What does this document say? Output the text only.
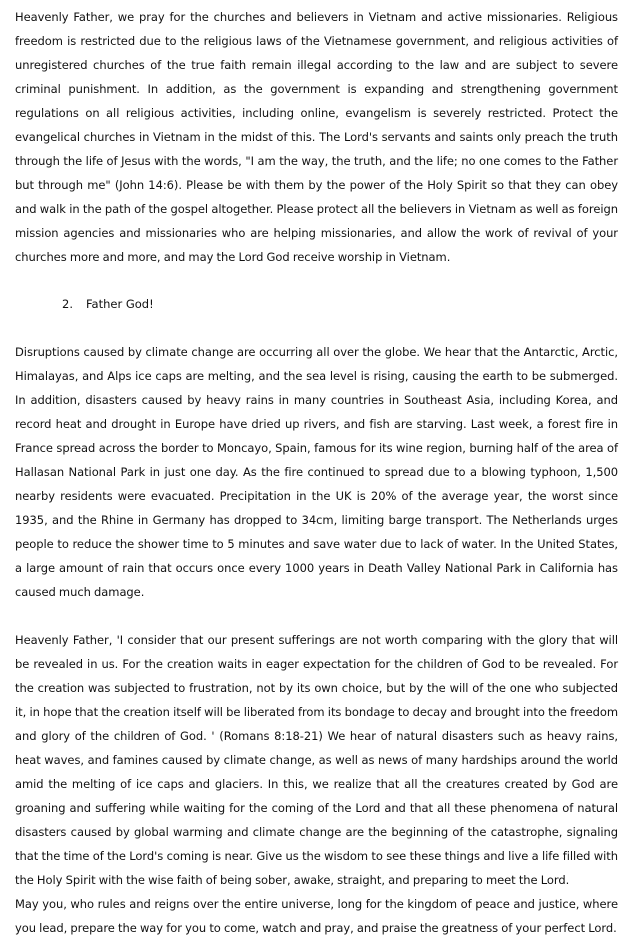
Heavenly Father, we pray for the churches and believers in Vietnam and active missionaries. Religious freedom is restricted due to the religious laws of the Vietnamese government, and religious activities of unregistered churches of the true faith remain illegal according to the law and are subject to severe criminal punishment. In addition, as the government is expanding and strengthening government regulations on all religious activities, including online, evangelism is severely restricted. Protect the evangelical churches in Vietnam in the midst of this. The Lord's servants and saints only preach the truth through the life of Jesus with the words, "I am the way, the truth, and the life; no one comes to the Father but through me" (John 14:6). Please be with them by the power of the Holy Spirit so that they can obey and walk in the path of the gospel altogether. Please protect all the believers in Vietnam as well as foreign mission agencies and missionaries who are helping missionaries, and allow the work of revival of your churches more and more, and may the Lord God receive worship in Vietnam.

2.	Father God!

Disruptions caused by climate change are occurring all over the globe. We hear that the Antarctic, Arctic, Himalayas, and Alps ice caps are melting, and the sea level is rising, causing the earth to be submerged. In addition, disasters caused by heavy rains in many countries in Southeast Asia, including Korea, and record heat and drought in Europe have dried up rivers, and fish are starving. Last week, a forest fire in France spread across the border to Moncayo, Spain, famous for its wine region, burning half of the area of Hallasan National Park in just one day. As the fire continued to spread due to a blowing typhoon, 1,500 nearby residents were evacuated. Precipitation in the UK is 20% of the average year, the worst since 1935, and the Rhine in Germany has dropped to 34cm, limiting barge transport. The Netherlands urges people to reduce the shower time to 5 minutes and save water due to lack of water. In the United States, a large amount of rain that occurs once every 1000 years in Death Valley National Park in California has caused much damage.

Heavenly Father, 'I consider that our present sufferings are not worth comparing with the glory that will be revealed in us. For the creation waits in eager expectation for the children of God to be revealed. For the creation was subjected to frustration, not by its own choice, but by the will of the one who subjected it, in hope that the creation itself will be liberated from its bondage to decay and brought into the freedom and glory of the children of God. ' (Romans 8:18-21) We hear of natural disasters such as heavy rains, heat waves, and famines caused by climate change, as well as news of many hardships around the world amid the melting of ice caps and glaciers. In this, we realize that all the creatures created by God are groaning and suffering while waiting for the coming of the Lord and that all these phenomena of natural disasters caused by global warming and climate change are the beginning of the catastrophe, signaling that the time of the Lord's coming is near. Give us the wisdom to see these things and live a life filled with the Holy Spirit with the wise faith of being sober, awake, straight, and preparing to meet the Lord.

May you, who rules and reigns over the entire universe, long for the kingdom of peace and justice, where you lead, prepare the way for you to come, watch and pray, and praise the greatness of your perfect Lord.
